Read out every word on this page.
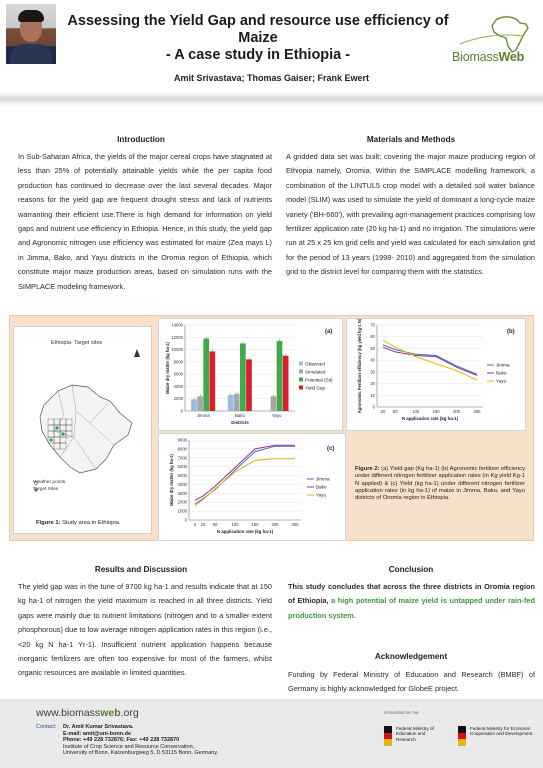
Assessing the Yield Gap and resource use efficiency of Maize
- A case study in Ethiopia -	BiomassWeb
Amit Srivastava; Thomas Gaiser; Frank Ewert
Introduction
In Sub-Saharan Africa, the yields of the major cereal crops have stagnated at less than 25% of potentially attainable yields while the per capita food production has continued to decrease over the last several decades. Major reasons for the yield gap are frequent drought stress and lack of nutrients warranting their efficient use.There is high demand for information on yield gaps and nutrient use efficiency in Ethiopia. Hence, in this study, the yield gap and Agronomic nitrogen use efficiency was estimated for maize (Zea mays L) in Jimma, Bako, and Yayu districts in the Oromia region of Ethiopia, which constitute major maize production areas, based on simulation runs with the SIMPLACE modeling framework.
Materials and Methods
A gridded data set was built; covering the major maize producing region of Ethiopia namely, Oromia. Within the SIMPLACE modelling framework, a combination of the LINTUL5 crop model with a detailed soil water balance model (SLIM) was used to simulate the yield of dominant a long-cycle maize variety ('BH-660'), with prevailing agri-management practices comprising low fertilizer application rate (20 kg ha-1) and no irrigation. The simulations were run at 25 x 25 km grid cells and yield was calculated for each simulation grid for the period of 13 years (1998- 2010) and aggregated from the simulation grid to the district level for comparing them with the statistics.
Ethiopia- Target sites
Weather points
Target Sites
Figure 1: Study area in Ethiopia.
0
2000
4000
6000
8000
10000
12000
14000
Maize dry matter (kg ha-1)
Districts
Jimma	Bako	Yayu
Observed
Simulated
Potential (Sit)
Yield Gap
(a)
0
10
20
30
40
50
60
70
Agronomic Fertilizer efficiency (kg yield kg-1 N)
N application rate (kg ha-1)
20 50	100	150	200	250
Jimma
Bako
Yayu
(b)
0
1000
2000
3000
4000
5000
6000
7000
8000
9000
Maize dry matter (kg ha-1)
N application rate (kg ha-1)
0 20 50	100	150	200	250
Jimma
Bako
Yayu
(c)
Figure 2: (a) Yield gap (Kg ha-1) (b) Agronomic fertilizer efficiency under different nitrogen fertilizer application rates (in Kg yield Kg-1 N applied) & (c) Yield (kg ha-1) under different nitrogen fertilizer application rates (in kg ha-1) of maize in Jimma, Bako, and Yayu districts of Oromia region in Ethiopia.
Results and Discussion
The yield gap was in the tune of 9700 kg ha-1 and results indicate that at 150 kg ha-1 of nitrogen the yield maximum is reached in all three districts. Yield gaps were mainly due to nutrient limitations (nitrogen and to a smaller extent phosphorous) due to low average nitrogen application rates in this region (i.e., <20 kg N ha-1 Yr-1). Insufficient nutrient application happens because inorganic fertilizers are often too expensive for most of the farmers, whilst organic resources are available in limited quantities.
Conclusion
This study concludes that across the three districts in Oromia region of Ethiopia, a high potential of maize yield is untapped under rain-fed production system.
Acknowledgement
Funding by Federal Ministry of Education and Research (BMBF) of Germany is highly acknowledged for GlobeE project.
www.biomassweb.org
Contact: Dr. Amit Kumar Srivastava.
E-mail: amit@uni-bonn.de
Phone: +49 228 732876; Fax: +49 228 732870
Institute of Crop Science and Resource Conservation,
University of Bonn, Katzenburgweg 5, D 53115 Bonn, Germany.
SPONSORED BY THE
Federal Ministry of Education and Research
Federal Ministry for Economic Cooperation and Development
